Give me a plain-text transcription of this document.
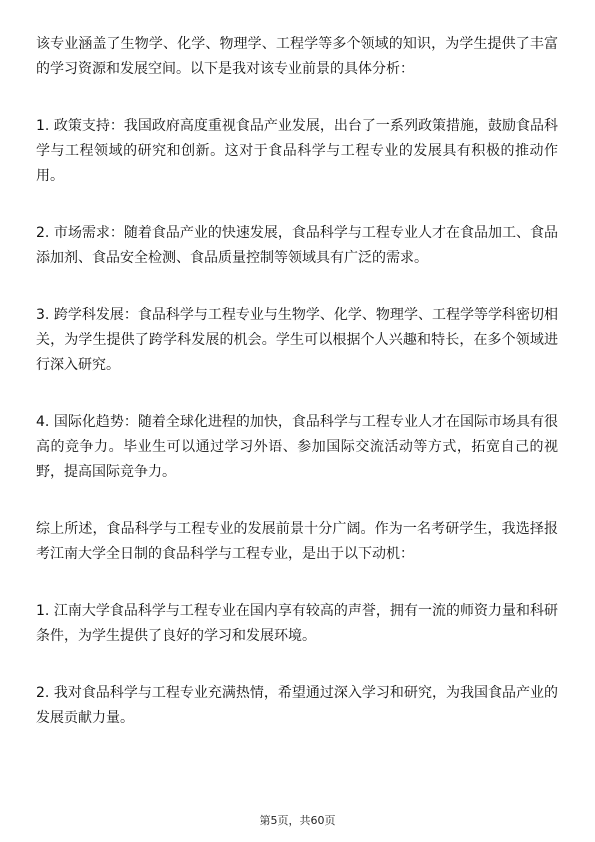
该专业涵盖了生物学、化学、物理学、工程学等多个领域的知识，为学生提供了丰富的学习资源和发展空间。以下是我对该专业前景的具体分析：

1. 政策支持：我国政府高度重视食品产业发展，出台了一系列政策措施，鼓励食品科学与工程领域的研究和创新。这对于食品科学与工程专业的发展具有积极的推动作用。

2. 市场需求：随着食品产业的快速发展，食品科学与工程专业人才在食品加工、食品添加剂、食品安全检测、食品质量控制等领域具有广泛的需求。

3. 跨学科发展：食品科学与工程专业与生物学、化学、物理学、工程学等学科密切相关，为学生提供了跨学科发展的机会。学生可以根据个人兴趣和特长，在多个领域进行深入研究。

4. 国际化趋势：随着全球化进程的加快，食品科学与工程专业人才在国际市场具有很高的竞争力。毕业生可以通过学习外语、参加国际交流活动等方式，拓宽自己的视野，提高国际竞争力。

综上所述，食品科学与工程专业的发展前景十分广阔。作为一名考研学生，我选择报考江南大学全日制的食品科学与工程专业，是出于以下动机：

1. 江南大学食品科学与工程专业在国内享有较高的声誉，拥有一流的师资力量和科研条件，为学生提供了良好的学习和发展环境。

2. 我对食品科学与工程专业充满热情，希望通过深入学习和研究，为我国食品产业的发展贡献力量。

第5页，共60页
